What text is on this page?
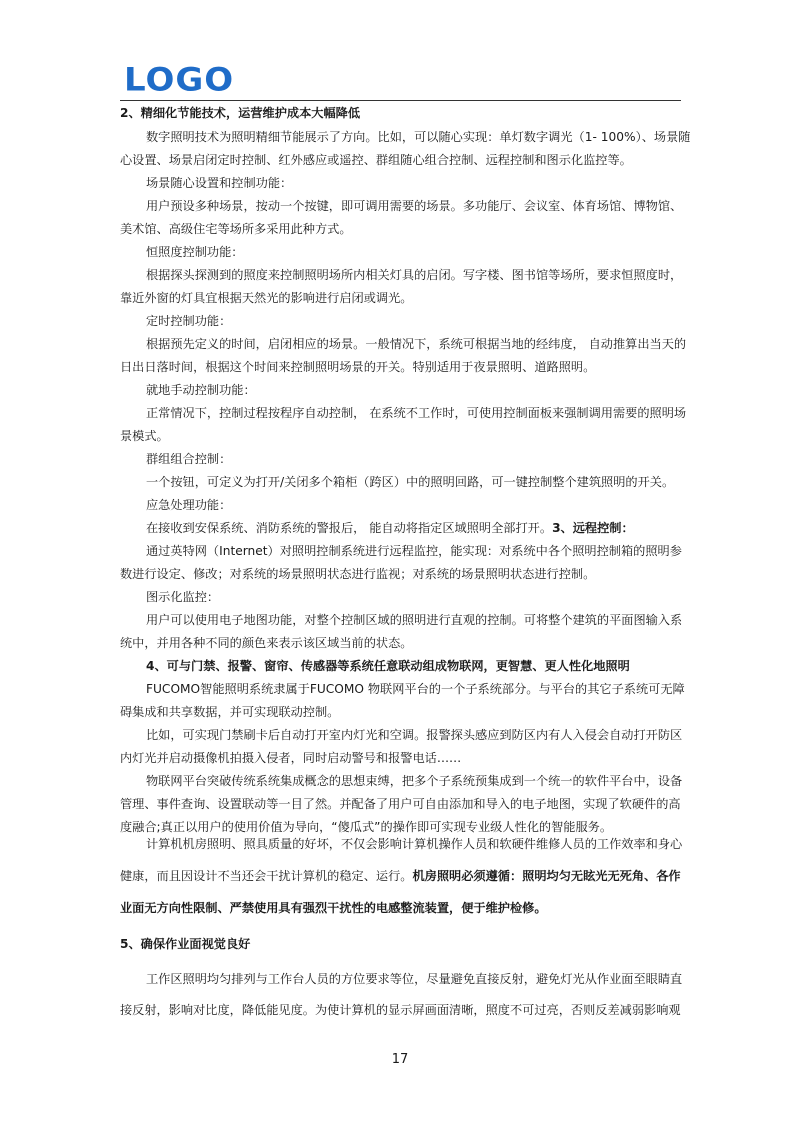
LOGO
2、精细化节能技术，运营维护成本大幅降低
数字照明技术为照明精细节能展示了方向。比如，可以随心实现：单灯数字调光（1- 100%）、场景随
心设置、场景启闭定时控制、红外感应或遥控、群组随心组合控制、远程控制和图示化监控等。
场景随心设置和控制功能：
用户预设多种场景，按动一个按键，即可调用需要的场景。多功能厅、会议室、体育场馆、博物馆、
美术馆、高级住宅等场所多采用此种方式。
恒照度控制功能：
根据探头探测到的照度来控制照明场所内相关灯具的启闭。写字楼、图书馆等场所，要求恒照度时，
靠近外窗的灯具宜根据天然光的影响进行启闭或调光。
定时控制功能：
根据预先定义的时间，启闭相应的场景。一般情况下，系统可根据当地的经纬度， 自动推算出当天的
日出日落时间，根据这个时间来控制照明场景的开关。特别适用于夜景照明、道路照明。
就地手动控制功能：
正常情况下，控制过程按程序自动控制， 在系统不工作时，可使用控制面板来强制调用需要的照明场
景模式。
群组组合控制：
一个按钮，可定义为打开/关闭多个箱柜（跨区）中的照明回路，可一键控制整个建筑照明的开关。
应急处理功能：
在接收到安保系统、消防系统的警报后， 能自动将指定区域照明全部打开。3、远程控制：
通过英特网（Internet）对照明控制系统进行远程监控，能实现：对系统中各个照明控制箱的照明参
数进行设定、修改；对系统的场景照明状态进行监视；对系统的场景照明状态进行控制。
图示化监控：
用户可以使用电子地图功能，对整个控制区域的照明进行直观的控制。可将整个建筑的平面图输入系
统中，并用各种不同的颜色来表示该区域当前的状态。
4、可与门禁、报警、窗帘、传感器等系统任意联动组成物联网，更智慧、更人性化地照明
FUCOMO智能照明系统隶属于FUCOMO 物联网平台的一个子系统部分。与平台的其它子系统可无障
碍集成和共享数据，并可实现联动控制。
比如，可实现门禁刷卡后自动打开室内灯光和空调。报警探头感应到防区内有人入侵会自动打开防区
内灯光并启动摄像机拍摄入侵者，同时启动警号和报警电话……
物联网平台突破传统系统集成概念的思想束缚，把多个子系统预集成到一个统一的软件平台中，设备
管理、事件查询、设置联动等一目了然。并配备了用户可自由添加和导入的电子地图，实现了软硬件的高
度融合;真正以用户的使用价值为导向，“傻瓜式”的操作即可实现专业级人性化的智能服务。
计算机机房照明、照具质量的好坏，不仅会影响计算机操作人员和软硬件维修人员的工作效率和身心
健康，而且因设计不当还会干扰计算机的稳定、运行。机房照明必须遵循：照明均匀无眩光无死角、各作
业面无方向性限制、严禁使用具有强烈干扰性的电感整流装置，便于维护检修。
5、确保作业面视觉良好
工作区照明均匀排列与工作台人员的方位要求等位，尽量避免直接反射，避免灯光从作业面至眼睛直
接反射，影响对比度，降低能见度。为使计算机的显示屏画面清晰，照度不可过亮，否则反差减弱影响观
17
